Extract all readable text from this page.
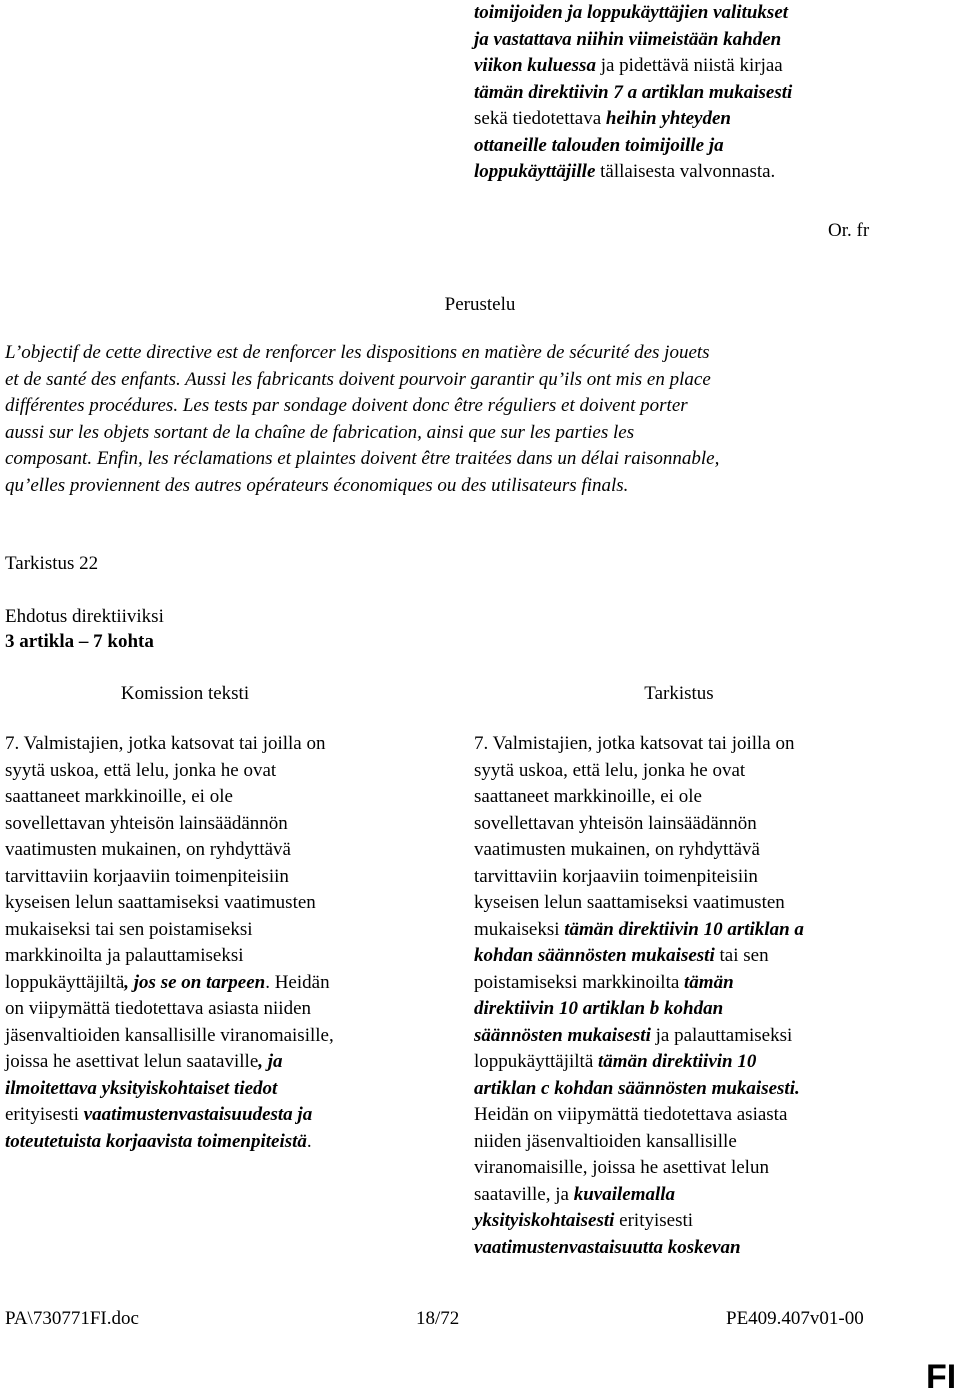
toimijoiden ja loppukäyttäjien valitukset
ja vastattava niihin viimeistään kahden
viikon kuluessa ja pidettävä niistä kirjaa
tämän direktiivin 7 a artiklan mukaisesti
sekä tiedotettava heihin yhteyden
ottaneille talouden toimijoille ja
loppukäyttäjille tällaisesta valvonnasta.
Or. fr
Perustelu
L’objectif de cette directive est de renforcer les dispositions en matière de sécurité des jouets
et de santé des enfants. Aussi les fabricants doivent pourvoir garantir qu’ils ont mis en place
différentes procédures. Les tests par sondage doivent donc être réguliers et doivent porter
aussi sur les objets sortant de la chaîne de fabrication, ainsi que sur les parties les
composant. Enfin, les réclamations et plaintes doivent être traitées dans un délai raisonnable,
qu’elles proviennent des autres opérateurs économiques ou des utilisateurs finals.
Tarkistus 22
Ehdotus direktiiviksi
3 artikla – 7 kohta
Komission teksti	Tarkistus
7. Valmistajien, jotka katsovat tai joilla on
syytä uskoa, että lelu, jonka he ovat
saattaneet markkinoille, ei ole
sovellettavan yhteisön lainsäädännön
vaatimusten mukainen, on ryhdyttävä
tarvittaviin korjaaviin toimenpiteisiin
kyseisen lelun saattamiseksi vaatimusten
mukaiseksi tai sen poistamiseksi
markkinoilta ja palauttamiseksi
loppukäyttäjiltä, jos se on tarpeen. Heidän
on viipymättä tiedotettava asiasta niiden
jäsenvaltioiden kansallisille viranomaisille,
joissa he asettivat lelun saataville, ja
ilmoitettava yksityiskohtaiset tiedot
erityisesti vaatimustenvastaisuudesta ja
toteutetuista korjaavista toimenpiteistä.
7. Valmistajien, jotka katsovat tai joilla on
syytä uskoa, että lelu, jonka he ovat
saattaneet markkinoille, ei ole
sovellettavan yhteisön lainsäädännön
vaatimusten mukainen, on ryhdyttävä
tarvittaviin korjaaviin toimenpiteisiin
kyseisen lelun saattamiseksi vaatimusten
mukaiseksi tämän direktiivin 10 artiklan a
kohdan säännösten mukaisesti tai sen
poistamiseksi markkinoilta tämän
direktiivin 10 artiklan b kohdan
säännösten mukaisesti ja palauttamiseksi
loppukäyttäjiltä tämän direktiivin 10
artiklan c kohdan säännösten mukaisesti.
Heidän on viipymättä tiedotettava asiasta
niiden jäsenvaltioiden kansallisille
viranomaisille, joissa he asettivat lelun
saataville, ja kuvailemalla
yksityiskohtaisesti erityisesti
vaatimustenvastaisuutta koskevan
PA\730771FI.doc	18/72	PE409.407v01-00
FI
